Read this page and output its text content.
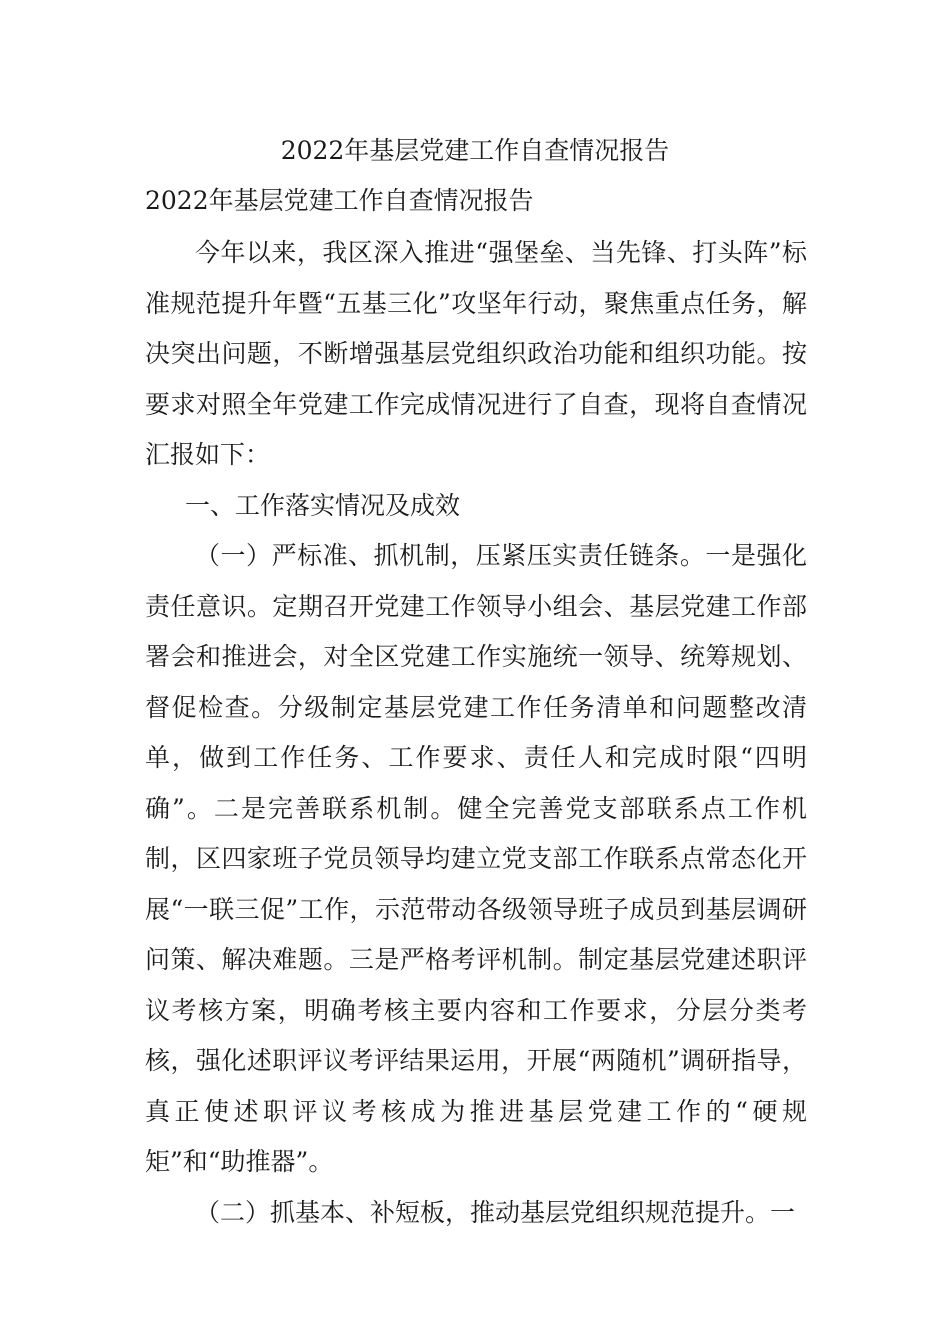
2022年基层党建工作自查情况报告
2022年基层党建工作自查情况报告

今年以来，我区深入推进“强堡垒、当先锋、打头阵”标准规范提升年暨“五基三化”攻坚年行动，聚焦重点任务，解决突出问题，不断增强基层党组织政治功能和组织功能。按要求对照全年党建工作完成情况进行了自查，现将自查情况汇报如下：

一、工作落实情况及成效

（一）严标准、抓机制，压紧压实责任链条。一是强化责任意识。定期召开党建工作领导小组会、基层党建工作部署会和推进会，对全区党建工作实施统一领导、统筹规划、督促检查。分级制定基层党建工作任务清单和问题整改清单，做到工作任务、工作要求、责任人和完成时限“四明确”。二是完善联系机制。健全完善党支部联系点工作机制，区四家班子党员领导均建立党支部工作联系点常态化开展“一联三促”工作，示范带动各级领导班子成员到基层调研问策、解决难题。三是严格考评机制。制定基层党建述职评议考核方案，明确考核主要内容和工作要求，分层分类考核，强化述职评议考评结果运用，开展“两随机”调研指导，真正使述职评议考核成为推进基层党建工作的“硬规矩”和“助推器”。

（二）抓基本、补短板，推动基层党组织规范提升。一
